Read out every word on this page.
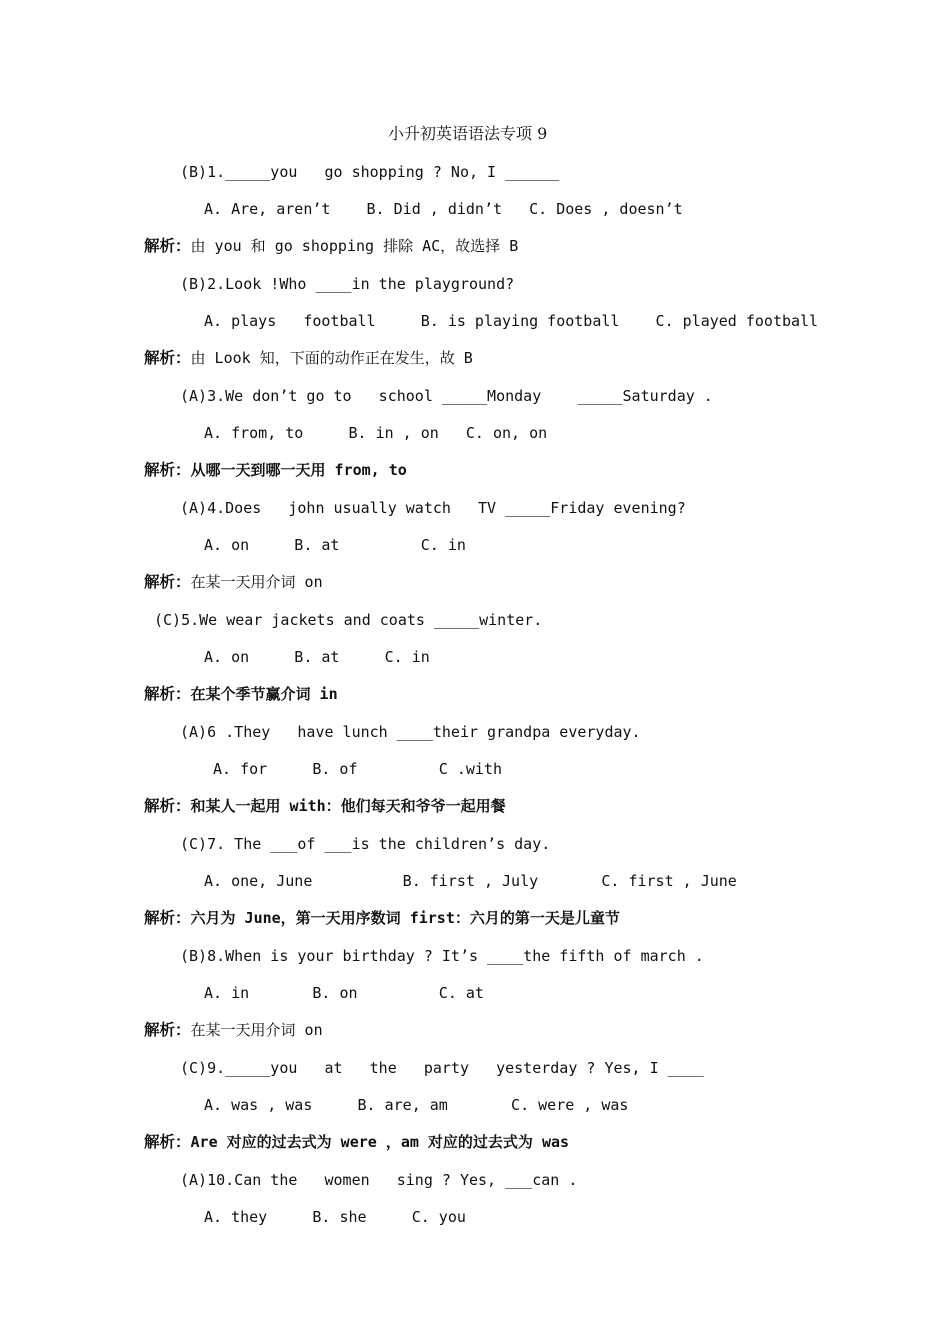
小升初英语语法专项 9
(B)1._____you   go shopping ? No, I ______
A. Are, aren’t    B. Did , didn’t   C. Does , doesn’t
解析：由 you 和 go shopping 排除 AC，故选择 B
(B)2.Look !Who ____in the playground?
A. plays   football     B. is playing football    C. played football
解析：由 Look 知，下面的动作正在发生，故 B
(A)3.We don’t go to   school _____Monday    _____Saturday .
A. from, to     B. in , on   C. on, on
解析：从哪一天到哪一天用 from, to
(A)4.Does   john usually watch   TV _____Friday evening?
A. on     B. at         C. in
解析：在某一天用介词 on
(C)5.We wear jackets and coats _____winter.
A. on     B. at     C. in
解析：在某个季节赢介词 in
(A)6 .They   have lunch ____their grandpa everyday.
A. for     B. of         C .with
解析：和某人一起用 with：他们每天和爷爷一起用餐
(C)7. The ___of ___is the children’s day.
A. one, June          B. first , July       C. first , June
解析：六月为 June，第一天用序数词 first：六月的第一天是儿童节
(B)8.When is your birthday ? It’s ____the fifth of march .
A. in       B. on         C. at
解析：在某一天用介词 on
(C)9._____you   at   the   party   yesterday ? Yes, I ____
A. was , was     B. are, am       C. were , was
解析：Are 对应的过去式为 were ，am 对应的过去式为 was
(A)10.Can the   women   sing ? Yes, ___can .
A. they     B. she     C. you
